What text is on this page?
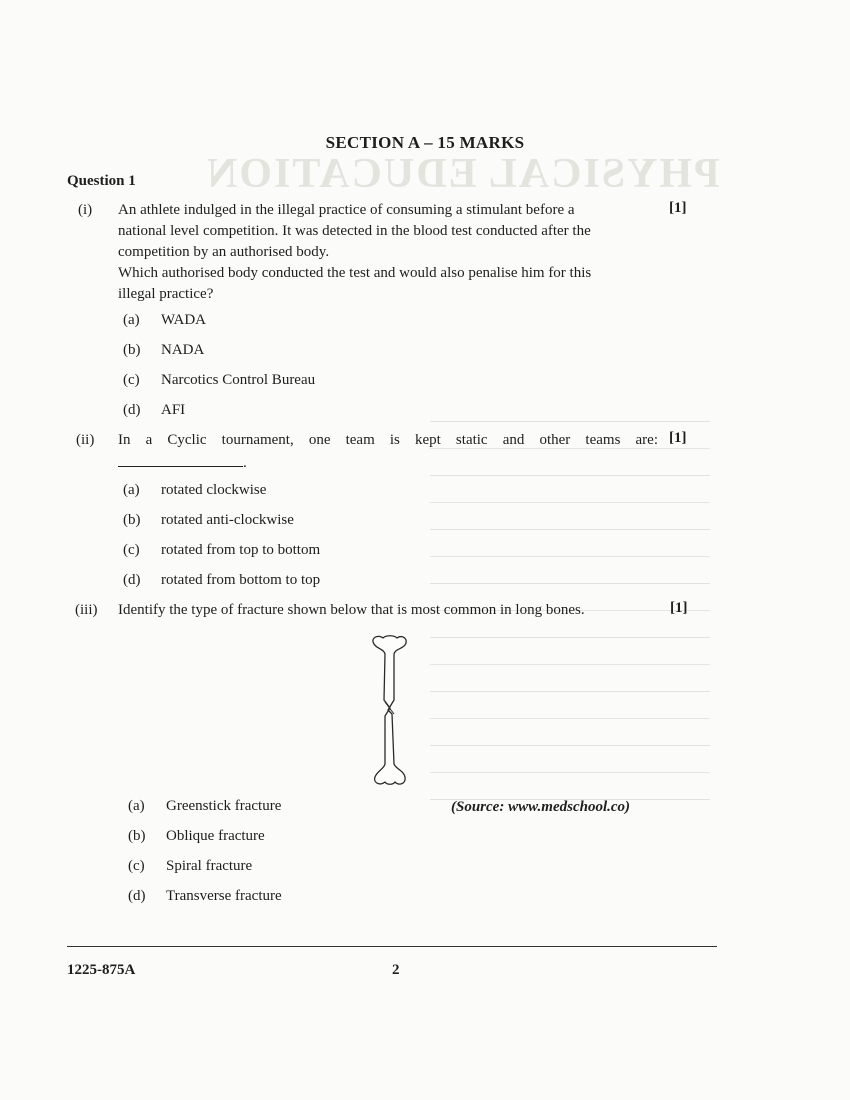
PHYSICAL EDUCATION
SECTION A – 15 MARKS
Question 1
(i) An athlete indulged in the illegal practice of consuming a stimulant before a
national level competition. It was detected in the blood test conducted after the
competition by an authorised body.
Which authorised body conducted the test and would also penalise him for this
illegal practice?
[1]
(a) WADA
(b) NADA
(c) Narcotics Control Bureau
(d) AFI
(ii) In a Cyclic tournament, one team is kept static and other teams are: [1]
.
(a) rotated clockwise
(b) rotated anti-clockwise
(c) rotated from top to bottom
(d) rotated from bottom to top
(iii) Identify the type of fracture shown below that is most common in long bones.	[1]
(Source: www.medschool.co)
(a) Greenstick fracture
(b) Oblique fracture
(c) Spiral fracture
(d) Transverse fracture
1225-875A	2
